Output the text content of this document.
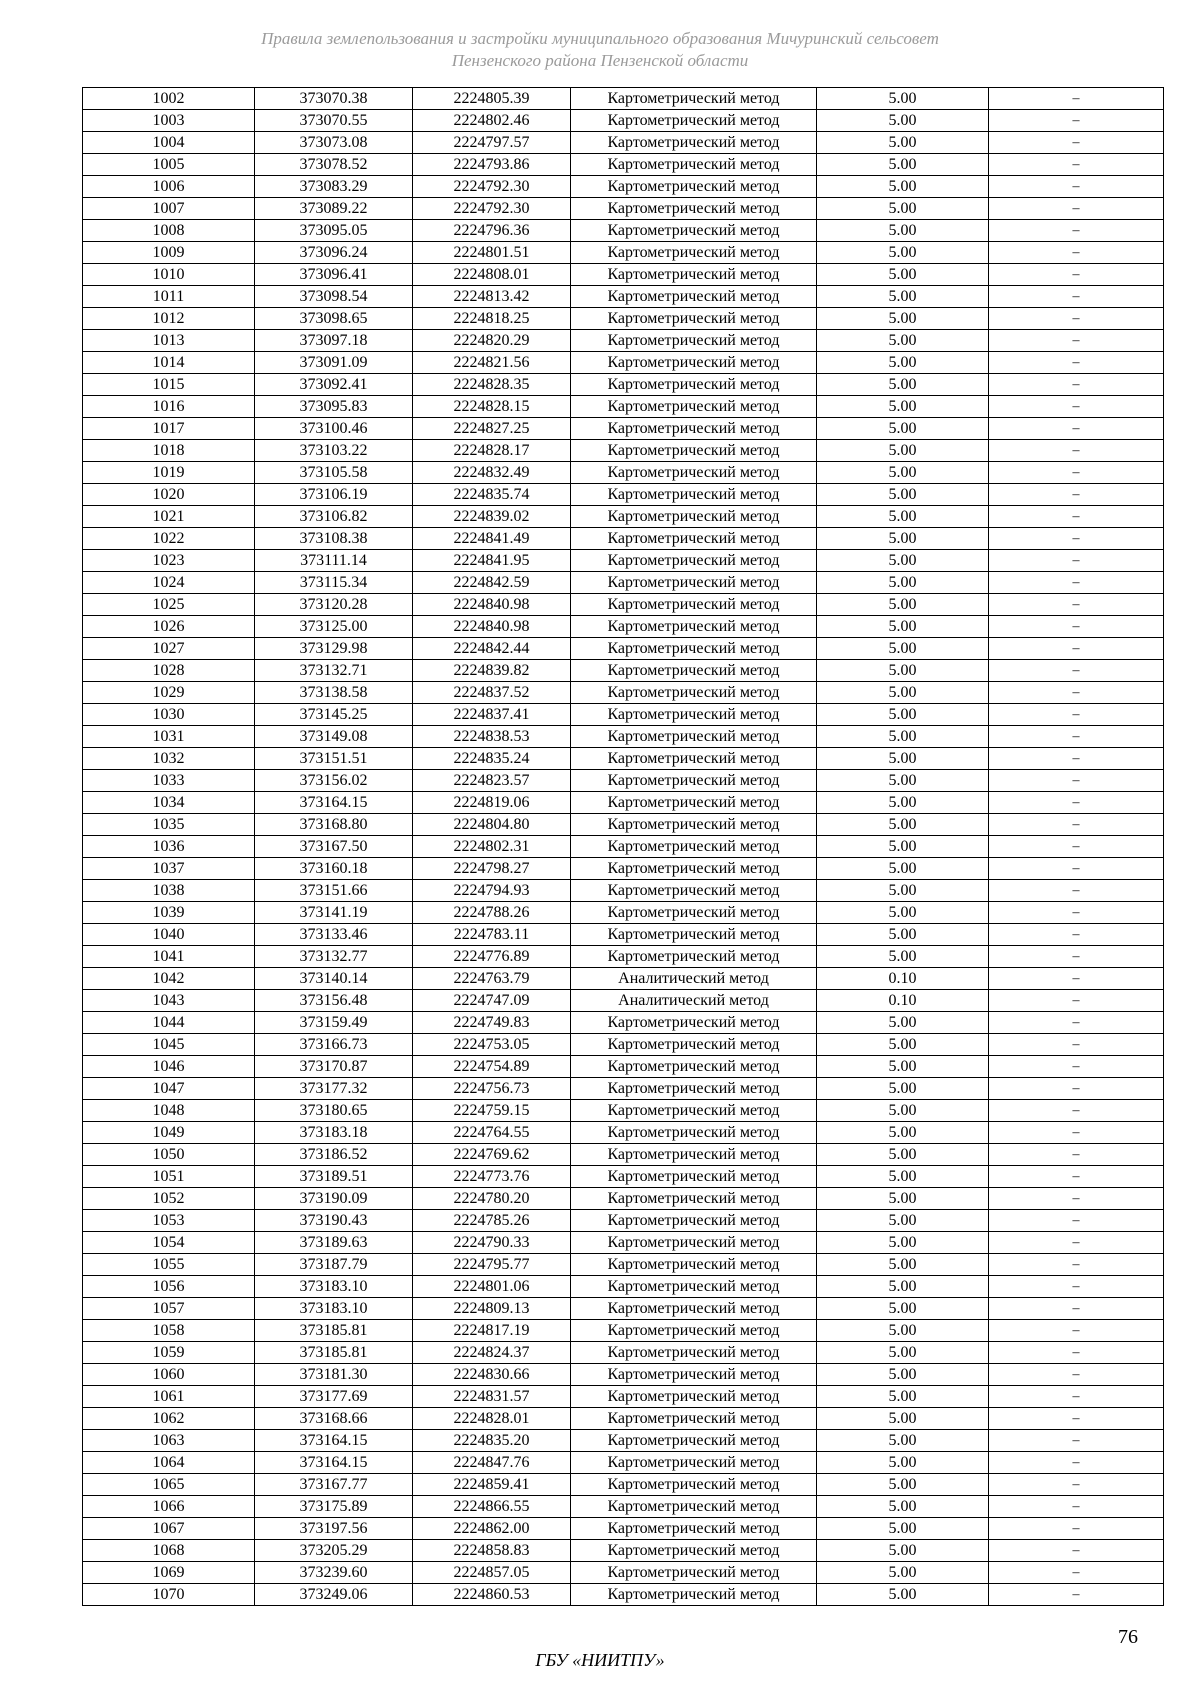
Правила землепользования и застройки муниципального образования Мичуринский сельсовет
Пензенского района Пензенской области
1002	373070.38	2224805.39	Картометрический метод	5.00	–
1003	373070.55	2224802.46	Картометрический метод	5.00	–
1004	373073.08	2224797.57	Картометрический метод	5.00	–
1005	373078.52	2224793.86	Картометрический метод	5.00	–
1006	373083.29	2224792.30	Картометрический метод	5.00	–
1007	373089.22	2224792.30	Картометрический метод	5.00	–
1008	373095.05	2224796.36	Картометрический метод	5.00	–
1009	373096.24	2224801.51	Картометрический метод	5.00	–
1010	373096.41	2224808.01	Картометрический метод	5.00	–
1011	373098.54	2224813.42	Картометрический метод	5.00	–
1012	373098.65	2224818.25	Картометрический метод	5.00	–
1013	373097.18	2224820.29	Картометрический метод	5.00	–
1014	373091.09	2224821.56	Картометрический метод	5.00	–
1015	373092.41	2224828.35	Картометрический метод	5.00	–
1016	373095.83	2224828.15	Картометрический метод	5.00	–
1017	373100.46	2224827.25	Картометрический метод	5.00	–
1018	373103.22	2224828.17	Картометрический метод	5.00	–
1019	373105.58	2224832.49	Картометрический метод	5.00	–
1020	373106.19	2224835.74	Картометрический метод	5.00	–
1021	373106.82	2224839.02	Картометрический метод	5.00	–
1022	373108.38	2224841.49	Картометрический метод	5.00	–
1023	373111.14	2224841.95	Картометрический метод	5.00	–
1024	373115.34	2224842.59	Картометрический метод	5.00	–
1025	373120.28	2224840.98	Картометрический метод	5.00	–
1026	373125.00	2224840.98	Картометрический метод	5.00	–
1027	373129.98	2224842.44	Картометрический метод	5.00	–
1028	373132.71	2224839.82	Картометрический метод	5.00	–
1029	373138.58	2224837.52	Картометрический метод	5.00	–
1030	373145.25	2224837.41	Картометрический метод	5.00	–
1031	373149.08	2224838.53	Картометрический метод	5.00	–
1032	373151.51	2224835.24	Картометрический метод	5.00	–
1033	373156.02	2224823.57	Картометрический метод	5.00	–
1034	373164.15	2224819.06	Картометрический метод	5.00	–
1035	373168.80	2224804.80	Картометрический метод	5.00	–
1036	373167.50	2224802.31	Картометрический метод	5.00	–
1037	373160.18	2224798.27	Картометрический метод	5.00	–
1038	373151.66	2224794.93	Картометрический метод	5.00	–
1039	373141.19	2224788.26	Картометрический метод	5.00	–
1040	373133.46	2224783.11	Картометрический метод	5.00	–
1041	373132.77	2224776.89	Картометрический метод	5.00	–
1042	373140.14	2224763.79	Аналитический метод	0.10	–
1043	373156.48	2224747.09	Аналитический метод	0.10	–
1044	373159.49	2224749.83	Картометрический метод	5.00	–
1045	373166.73	2224753.05	Картометрический метод	5.00	–
1046	373170.87	2224754.89	Картометрический метод	5.00	–
1047	373177.32	2224756.73	Картометрический метод	5.00	–
1048	373180.65	2224759.15	Картометрический метод	5.00	–
1049	373183.18	2224764.55	Картометрический метод	5.00	–
1050	373186.52	2224769.62	Картометрический метод	5.00	–
1051	373189.51	2224773.76	Картометрический метод	5.00	–
1052	373190.09	2224780.20	Картометрический метод	5.00	–
1053	373190.43	2224785.26	Картометрический метод	5.00	–
1054	373189.63	2224790.33	Картометрический метод	5.00	–
1055	373187.79	2224795.77	Картометрический метод	5.00	–
1056	373183.10	2224801.06	Картометрический метод	5.00	–
1057	373183.10	2224809.13	Картометрический метод	5.00	–
1058	373185.81	2224817.19	Картометрический метод	5.00	–
1059	373185.81	2224824.37	Картометрический метод	5.00	–
1060	373181.30	2224830.66	Картометрический метод	5.00	–
1061	373177.69	2224831.57	Картометрический метод	5.00	–
1062	373168.66	2224828.01	Картометрический метод	5.00	–
1063	373164.15	2224835.20	Картометрический метод	5.00	–
1064	373164.15	2224847.76	Картометрический метод	5.00	–
1065	373167.77	2224859.41	Картометрический метод	5.00	–
1066	373175.89	2224866.55	Картометрический метод	5.00	–
1067	373197.56	2224862.00	Картометрический метод	5.00	–
1068	373205.29	2224858.83	Картометрический метод	5.00	–
1069	373239.60	2224857.05	Картометрический метод	5.00	–
1070	373249.06	2224860.53	Картометрический метод	5.00	–
76
ГБУ «НИИТПУ»
